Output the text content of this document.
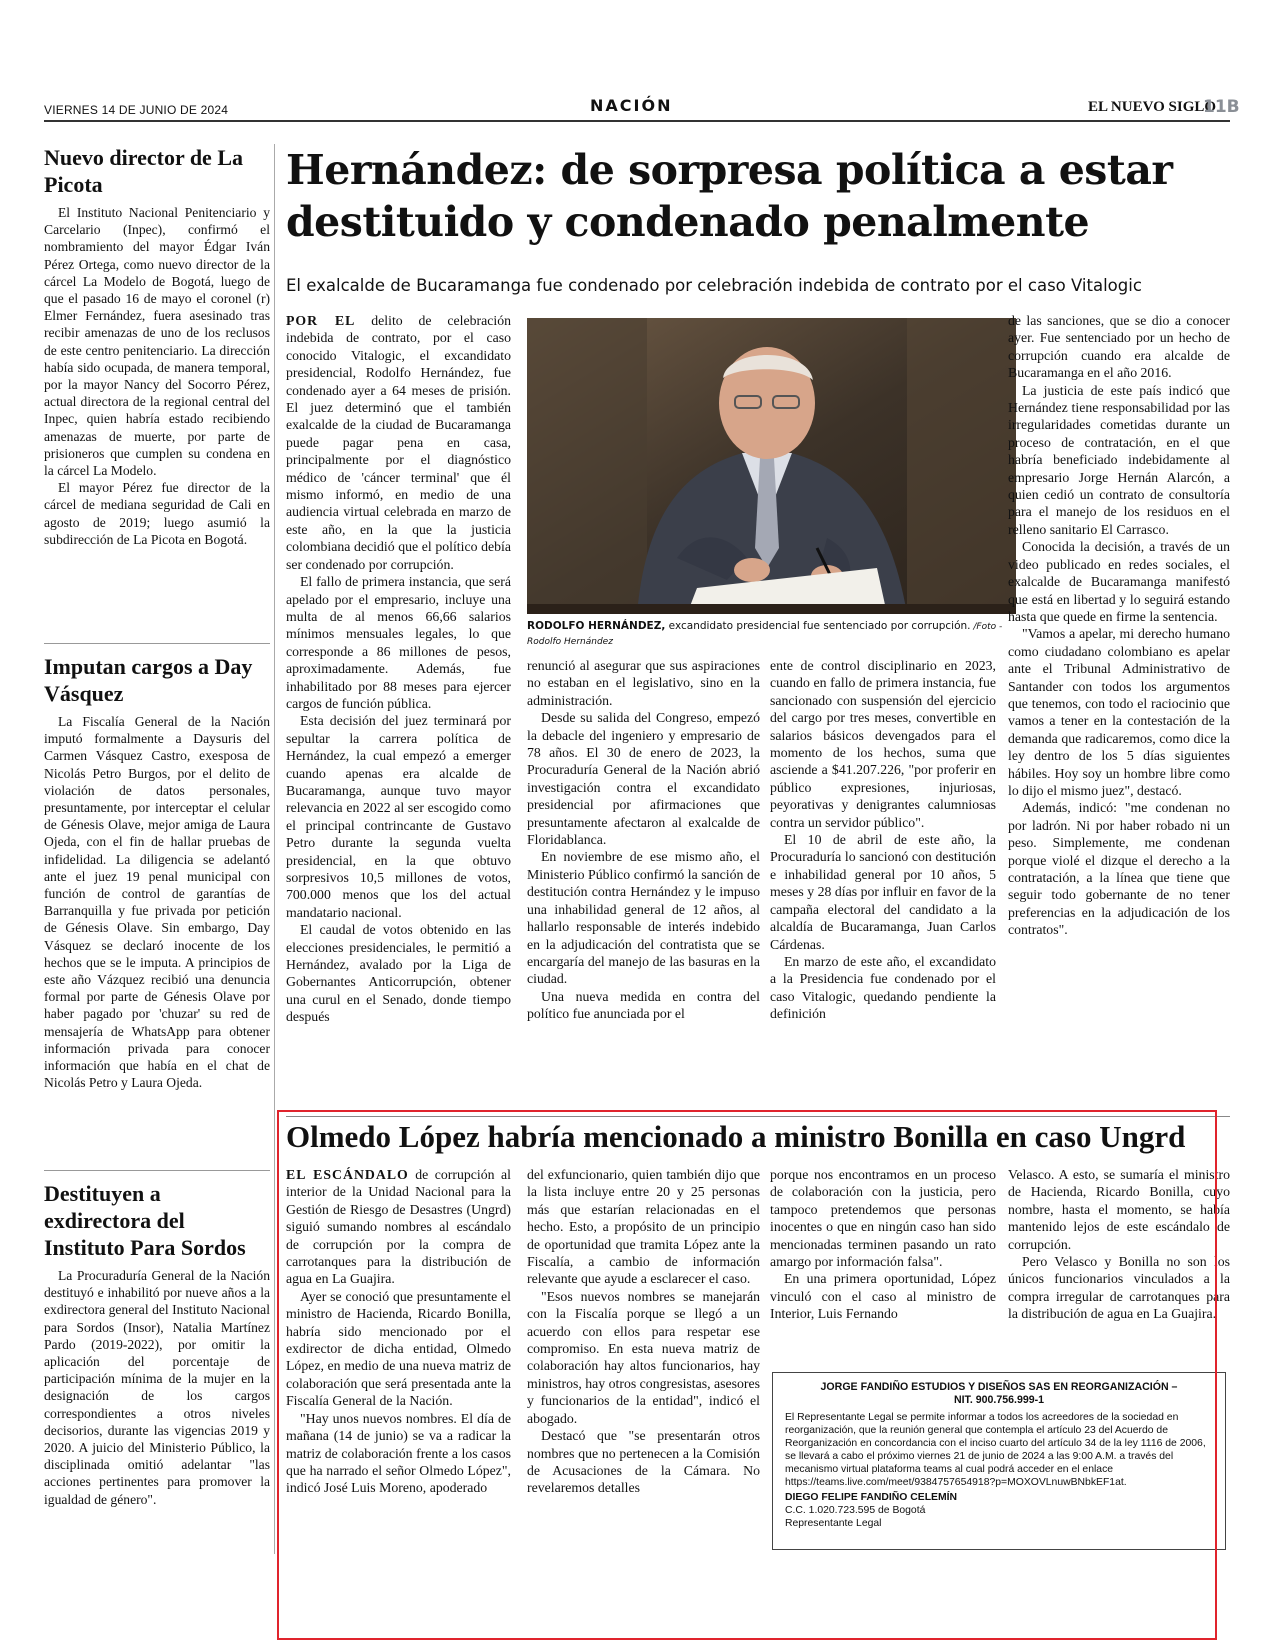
VIERNES 14 DE JUNIO DE 2024	NACIÓN	EL NUEVO SIGLO
11B
Nuevo director de La Picota

El Instituto Nacional Penitenciario y Carcelario (Inpec), confirmó el nombramiento del mayor Édgar Iván Pérez Ortega, como nuevo director de la cárcel La Modelo de Bogotá, luego de que el pasado 16 de mayo el coronel (r) Elmer Fernández, fuera asesinado tras recibir amenazas de uno de los reclusos de este centro penitenciario. La dirección había sido ocupada, de manera temporal, por la mayor Nancy del Socorro Pérez, actual directora de la regional central del Inpec, quien habría estado recibiendo amenazas de muerte, por parte de prisioneros que cumplen su condena en la cárcel La Modelo.

El mayor Pérez fue director de la cárcel de mediana seguridad de Cali en agosto de 2019; luego asumió la subdirección de La Picota en Bogotá.

Imputan cargos a Day Vásquez

La Fiscalía General de la Nación imputó formalmente a Daysuris del Carmen Vásquez Castro, exesposa de Nicolás Petro Burgos, por el delito de violación de datos personales, presuntamente, por interceptar el celular de Génesis Olave, mejor amiga de Laura Ojeda, con el fin de hallar pruebas de infidelidad. La diligencia se adelantó ante el juez 19 penal municipal con función de control de garantías de Barranquilla y fue privada por petición de Génesis Olave. Sin embargo, Day Vásquez se declaró inocente de los hechos que se le imputa. A principios de este año Vázquez recibió una denuncia formal por parte de Génesis Olave por haber pagado por 'chuzar' su red de mensajería de WhatsApp para obtener información privada para conocer información que había en el chat de Nicolás Petro y Laura Ojeda.

Destituyen a exdirectora del Instituto Para Sordos

La Procuraduría General de la Nación destituyó e inhabilitó por nueve años a la exdirectora general del Instituto Nacional para Sordos (Insor), Natalia Martínez Pardo (2019-2022), por omitir la aplicación del porcentaje de participación mínima de la mujer en la designación de los cargos correspondientes a otros niveles decisorios, durante las vigencias 2019 y 2020. A juicio del Ministerio Público, la disciplinada omitió adelantar "las acciones pertinentes para promover la igualdad de género".

Hernández: de sorpresa política a estar
destituido y condenado penalmente
El exalcalde de Bucaramanga fue condenado por celebración indebida de contrato por el caso Vitalogic

POR EL delito de celebración indebida de contrato, por el caso conocido Vitalogic, el excandidato presidencial, Rodolfo Hernández, fue condenado ayer a 64 meses de prisión. El juez determinó que el también exalcalde de la ciudad de Bucaramanga puede pagar pena en casa, principalmente por el diagnóstico médico de 'cáncer terminal' que él mismo informó, en medio de una audiencia virtual celebrada en marzo de este año, en la que la justicia colombiana decidió que el político debía ser condenado por corrupción.

El fallo de primera instancia, que será apelado por el empresario, incluye una multa de al menos 66,66 salarios mínimos mensuales legales, lo que corresponde a 86 millones de pesos, aproximadamente. Además, fue inhabilitado por 88 meses para ejercer cargos de función pública.

Esta decisión del juez terminará por sepultar la carrera política de Hernández, la cual empezó a emerger cuando apenas era alcalde de Bucaramanga, aunque tuvo mayor relevancia en 2022 al ser escogido como el principal contrincante de Gustavo Petro durante la segunda vuelta presidencial, en la que obtuvo sorpresivos 10,5 millones de votos, 700.000 menos que los del actual mandatario nacional.

El caudal de votos obtenido en las elecciones presidenciales, le permitió a Hernández, avalado por la Liga de Gobernantes Anticorrupción, obtener una curul en el Senado, donde tiempo después

RODOLFO HERNÁNDEZ, excandidato presidencial fue sentenciado por corrupción. /Foto - Rodolfo Hernández

renunció al asegurar que sus aspiraciones no estaban en el legislativo, sino en la administración.

Desde su salida del Congreso, empezó la debacle del ingeniero y empresario de 78 años. El 30 de enero de 2023, la Procuraduría General de la Nación abrió investigación contra el excandidato presidencial por afirmaciones que presuntamente afectaron al exalcalde de Floridablanca.

En noviembre de ese mismo año, el Ministerio Público confirmó la sanción de destitución contra Hernández y le impuso una inhabilidad general de 12 años, al hallarlo responsable de interés indebido en la adjudicación del contratista que se encargaría del manejo de las basuras en la ciudad.

Una nueva medida en contra del político fue anunciada por el

ente de control disciplinario en 2023, cuando en fallo de primera instancia, fue sancionado con suspensión del ejercicio del cargo por tres meses, convertible en salarios básicos devengados para el momento de los hechos, suma que asciende a $41.207.226, "por proferir en público expresiones, injuriosas, peyorativas y denigrantes calumniosas contra un servidor público".

El 10 de abril de este año, la Procuraduría lo sancionó con destitución e inhabilidad general por 10 años, 5 meses y 28 días por influir en favor de la campaña electoral del candidato a la alcaldía de Bucaramanga, Juan Carlos Cárdenas.

En marzo de este año, el excandidato a la Presidencia fue condenado por el caso Vitalogic, quedando pendiente la definición

de las sanciones, que se dio a conocer ayer. Fue sentenciado por un hecho de corrupción cuando era alcalde de Bucaramanga en el año 2016.

La justicia de este país indicó que Hernández tiene responsabilidad por las irregularidades cometidas durante un proceso de contratación, en el que habría beneficiado indebidamente al empresario Jorge Hernán Alarcón, a quien cedió un contrato de consultoría para el manejo de los residuos en el relleno sanitario El Carrasco.

Conocida la decisión, a través de un video publicado en redes sociales, el exalcalde de Bucaramanga manifestó que está en libertad y lo seguirá estando hasta que quede en firme la sentencia.

"Vamos a apelar, mi derecho humano como ciudadano colombiano es apelar ante el Tribunal Administrativo de Santander con todos los argumentos que tenemos, con todo el raciocinio que vamos a tener en la contestación de la demanda que radicaremos, como dice la ley dentro de los 5 días siguientes hábiles. Hoy soy un hombre libre como lo dijo el mismo juez", destacó.

Además, indicó: "me condenan no por ladrón. Ni por haber robado ni un peso. Simplemente, me condenan porque violé el dizque el derecho a la contratación, a la línea que tiene que seguir todo gobernante de no tener preferencias en la adjudicación de los contratos".

Olmedo López habría mencionado a ministro Bonilla en caso Ungrd

EL ESCÁNDALO de corrupción al interior de la Unidad Nacional para la Gestión de Riesgo de Desastres (Ungrd) siguió sumando nombres al escándalo de corrupción por la compra de carrotanques para la distribución de agua en La Guajira.

Ayer se conoció que presuntamente el ministro de Hacienda, Ricardo Bonilla, habría sido mencionado por el exdirector de dicha entidad, Olmedo López, en medio de una nueva matriz de colaboración que será presentada ante la Fiscalía General de la Nación.

"Hay unos nuevos nombres. El día de mañana (14 de junio) se va a radicar la matriz de colaboración frente a los casos que ha narrado el señor Olmedo López", indicó José Luis Moreno, apoderado

del exfuncionario, quien también dijo que la lista incluye entre 20 y 25 personas más que estarían relacionadas en el hecho. Esto, a propósito de un principio de oportunidad que tramita López ante la Fiscalía, a cambio de información relevante que ayude a esclarecer el caso.

"Esos nuevos nombres se manejarán con la Fiscalía porque se llegó a un acuerdo con ellos para respetar ese compromiso. En esta nueva matriz de colaboración hay altos funcionarios, hay ministros, hay otros congresistas, asesores y funcionarios de la entidad", indicó el abogado.

Destacó que "se presentarán otros nombres que no pertenecen a la Comisión de Acusaciones de la Cámara. No revelaremos detalles

porque nos encontramos en un proceso de colaboración con la justicia, pero tampoco pretendemos que personas inocentes o que en ningún caso han sido mencionadas terminen pasando un rato amargo por información falsa".

En una primera oportunidad, López vinculó con el caso al ministro de Interior, Luis Fernando

Velasco. A esto, se sumaría el ministro de Hacienda, Ricardo Bonilla, cuyo nombre, hasta el momento, se había mantenido lejos de este escándalo de corrupción.

Pero Velasco y Bonilla no son los únicos funcionarios vinculados a la compra irregular de carrotanques para la distribución de agua en La Guajira.

JORGE FANDIÑO ESTUDIOS Y DISEÑOS SAS EN REORGANIZACIÓN –
NIT. 900.756.999-1
El Representante Legal se permite informar a todos los acreedores de la sociedad en reorganización, que la reunión general que contempla el artículo 23 del Acuerdo de Reorganización en concordancia con el inciso cuarto del artículo 34 de la ley 1116 de 2006, se llevará a cabo el próximo viernes 21 de junio de 2024 a las 9:00 A.M. a través del mecanismo virtual plataforma teams al cual podrá acceder en el enlace https://teams.live.com/meet/9384757654918?p=MOXOVLnuwBNbkEF1at.
DIEGO FELIPE FANDIÑO CELEMÍN
C.C. 1.020.723.595 de Bogotá
Representante Legal
